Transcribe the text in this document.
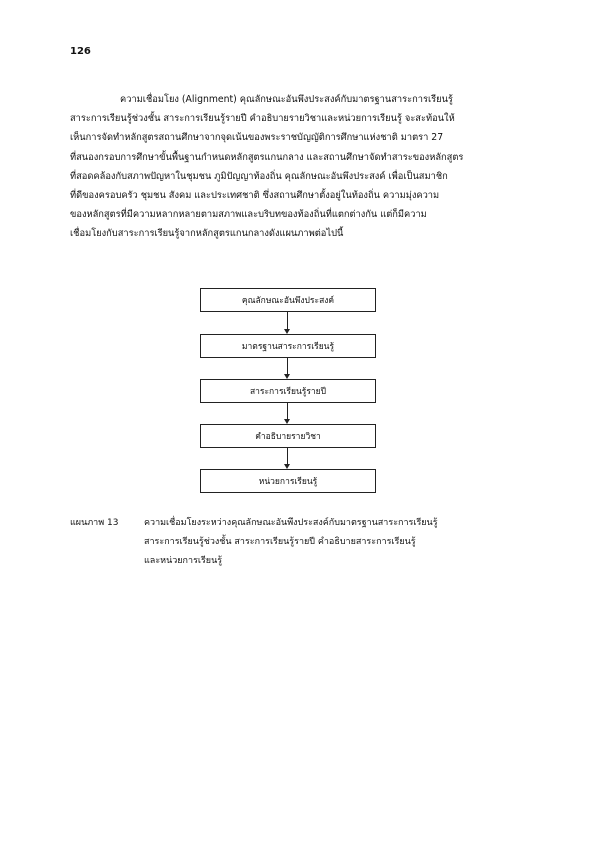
126
ความเชื่อมโยง (Alignment) คุณลักษณะอันพึงประสงค์กับมาตรฐานสาระการเรียนรู้
สาระการเรียนรู้ช่วงชั้น สาระการเรียนรู้รายปี คำอธิบายรายวิชาและหน่วยการเรียนรู้ จะสะท้อนให้
เห็นการจัดทำหลักสูตรสถานศึกษาจากจุดเน้นของพระราชบัญญัติการศึกษาแห่งชาติ มาตรา 27
ที่สนองกรอบการศึกษาขั้นพื้นฐานกำหนดหลักสูตรแกนกลาง และสถานศึกษาจัดทำสาระของหลักสูตร
ที่สอดคล้องกับสภาพปัญหาในชุมชน ภูมิปัญญาท้องถิ่น คุณลักษณะอันพึงประสงค์ เพื่อเป็นสมาชิก
ที่ดีของครอบครัว ชุมชน สังคม และประเทศชาติ ซึ่งสถานศึกษาตั้งอยู่ในท้องถิ่น ความมุ่งความ
ของหลักสูตรที่มีความหลากหลายตามสภาพและบริบทของท้องถิ่นที่แตกต่างกัน แต่ก็มีความ
เชื่อมโยงกับสาระการเรียนรู้จากหลักสูตรแกนกลางดังแผนภาพต่อไปนี้
คุณลักษณะอันพึงประสงค์
มาตรฐานสาระการเรียนรู้
สาระการเรียนรู้รายปี
คำอธิบายรายวิชา
หน่วยการเรียนรู้
แผนภาพ 13	ความเชื่อมโยงระหว่างคุณลักษณะอันพึงประสงค์กับมาตรฐานสาระการเรียนรู้
สาระการเรียนรู้ช่วงชั้น สาระการเรียนรู้รายปี คำอธิบายสาระการเรียนรู้
และหน่วยการเรียนรู้
